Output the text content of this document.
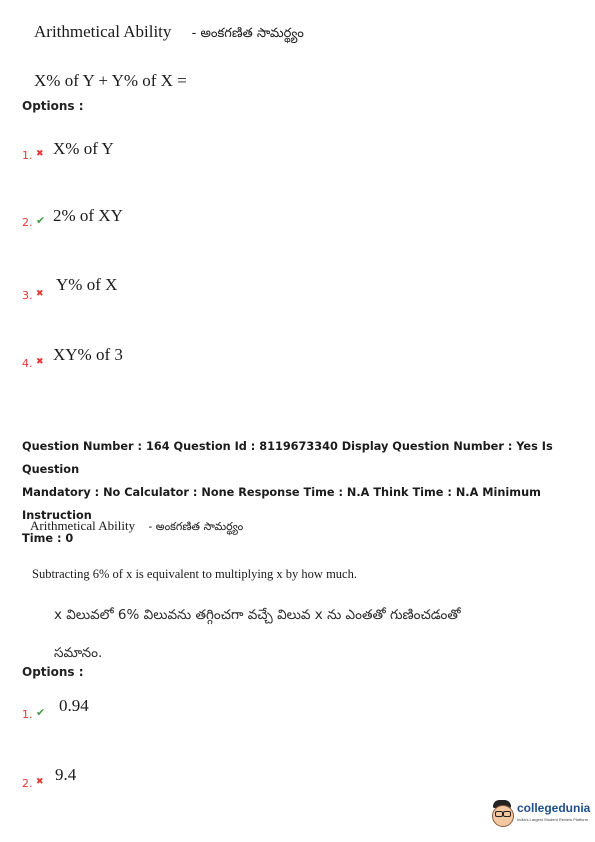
Arithmetical Ability - అంకగణిత సామర్థ్యం
X% of Y + Y% of X =
Options :
1. ✖ X% of Y
2. ✔ 2% of XY
3. ✖ Y% of X
4. ✖ XY% of 3
Question Number : 164 Question Id : 8119673340 Display Question Number : Yes Is Question
Mandatory : No Calculator : None Response Time : N.A Think Time : N.A Minimum Instruction
Time : 0
Arithmetical Ability - అంకగణిత సామర్థ్యం
Subtracting 6% of x is equivalent to multiplying x by how much.
x విలువలో 6% విలువను తగ్గించగా వచ్చే విలువ x ను ఎంతతో గుణించడంతో
సమానం.
Options :
1. ✔ 0.94
2. ✖ 9.4
collegedunia
India's Largest Student Review Platform
